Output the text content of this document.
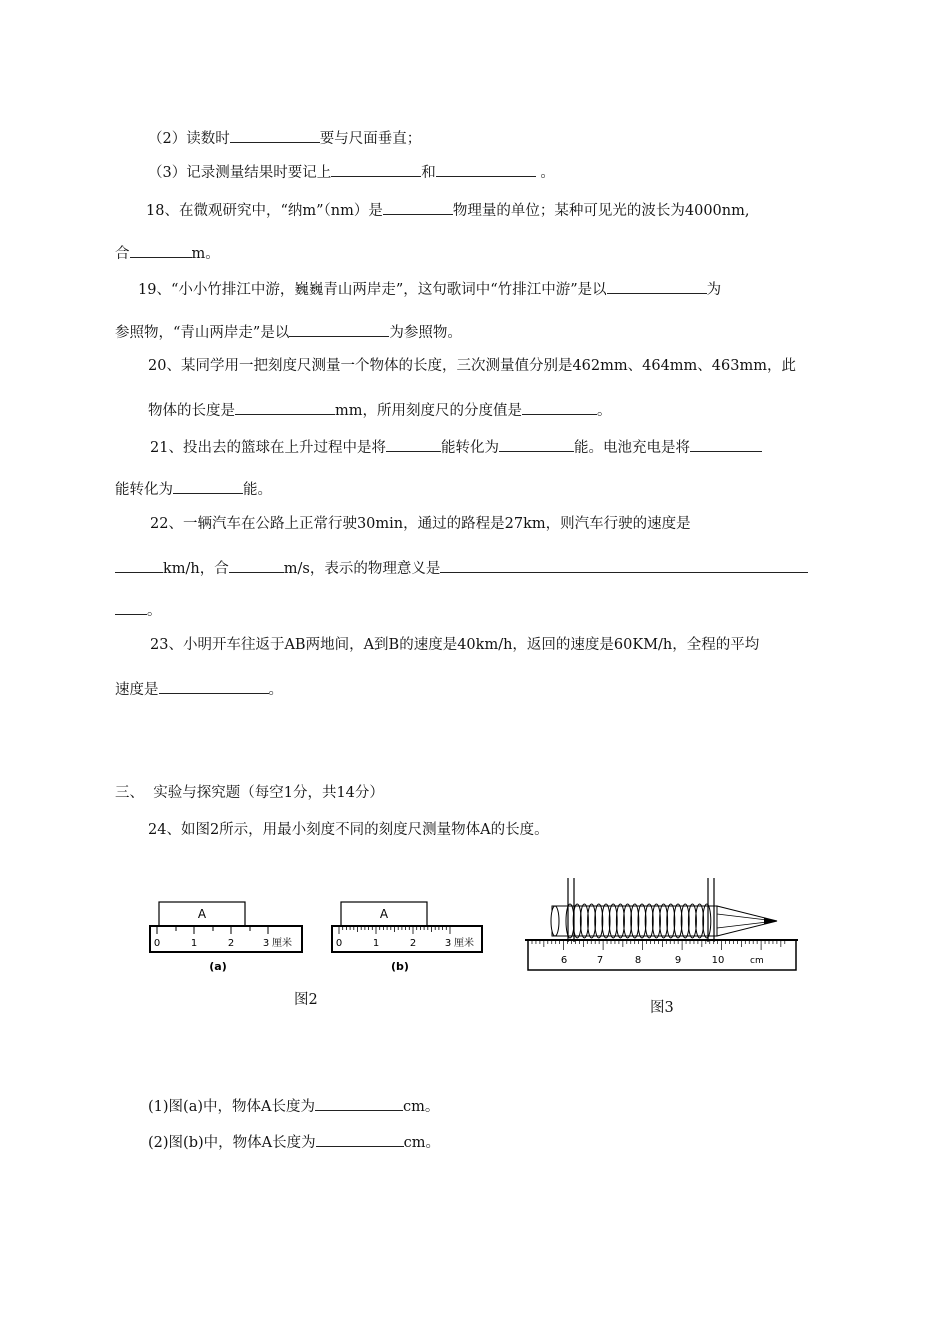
（2）读数时	要与尺面垂直；
（3）记录测量结果时要记上	和	。
18、在微观研究中，“纳m”（nm）是	物理量的单位；某种可见光的波长为4000nm,
合	m。
19、“小小竹排江中游，巍巍青山两岸走”，这句歌词中“竹排江中游”是以	为
参照物，“青山两岸走”是以	为参照物。
20、某同学用一把刻度尺测量一个物体的长度，三次测量值分别是462mm、464mm、463mm，此
物体的长度是	mm，所用刻度尺的分度值是	。
21、投出去的篮球在上升过程中是将	能转化为	能。电池充电是将
能转化为	能。
22、一辆汽车在公路上正常行驶30min，通过的路程是27km，则汽车行驶的速度是
km/h，合	m/s，表示的物理意义是
。
23、小明开车往返于AB两地间，A到B的速度是40km/h，返回的速度是60KM/h，全程的平均
速度是	。
三、 实验与探究题（每空1分，共14分）
24、如图2所示，用最小刻度不同的刻度尺测量物体A的长度。
A
0	1	2	3 厘米
(a)
A
0	1	2	3 厘米
(b)
图2
6	7	8	9	10	cm
图3
(1)图(a)中，物体A长度为	cm。
(2)图(b)中，物体A长度为	cm。
